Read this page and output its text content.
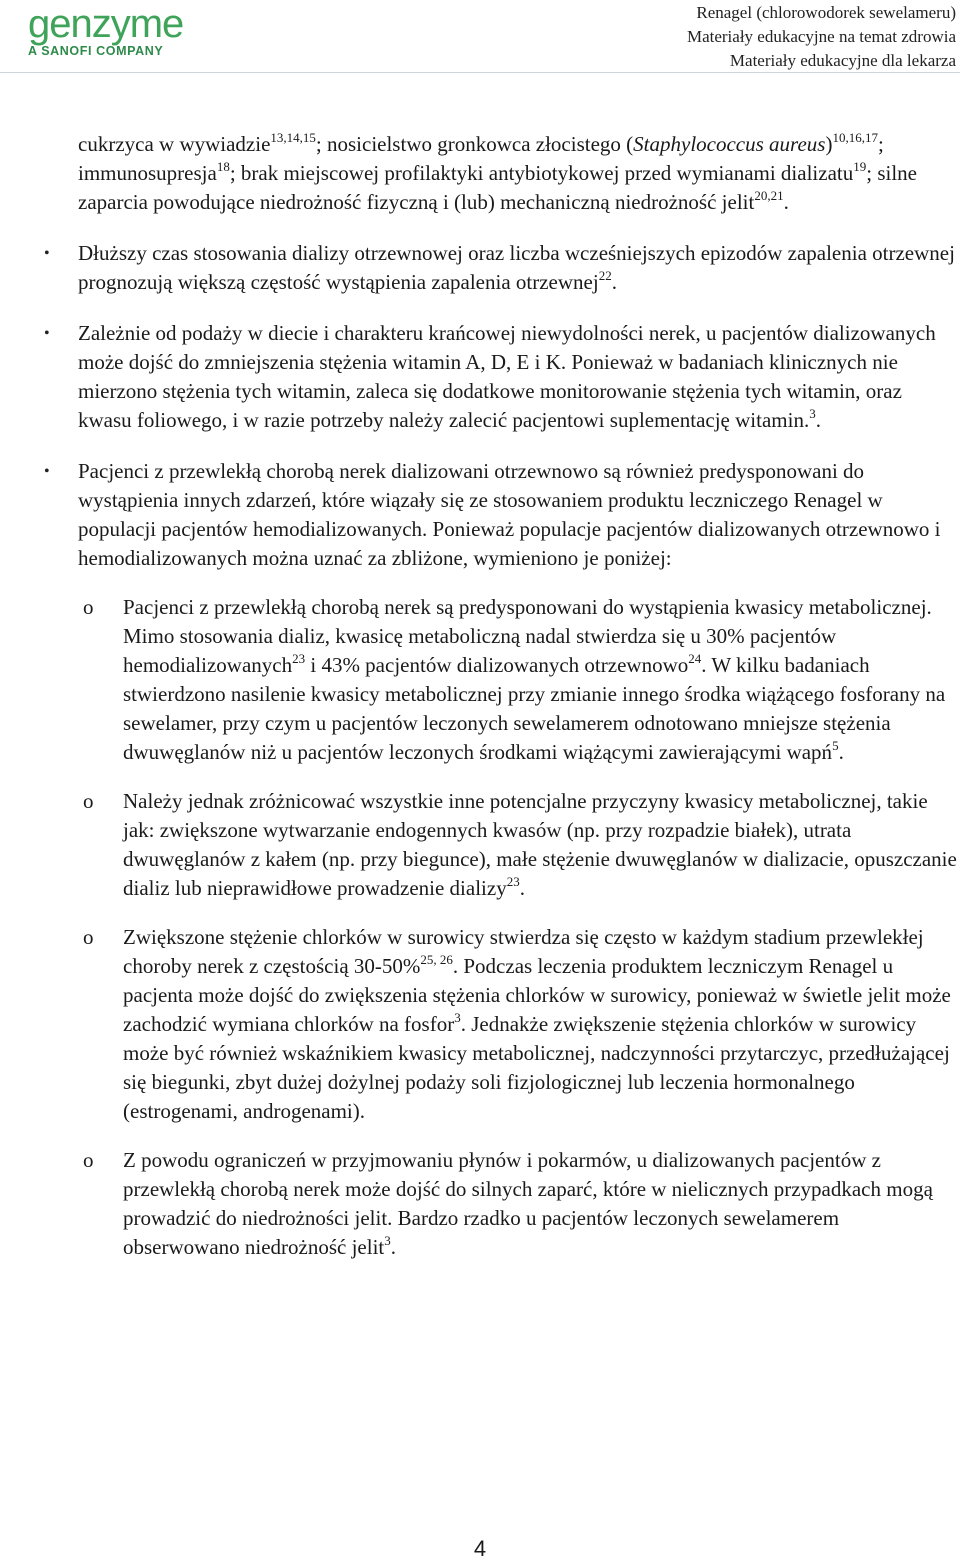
genzyme
A SANOFI COMPANY
Renagel (chlorowodorek sewelameru)
Materiały edukacyjne na temat zdrowia
Materiały edukacyjne dla lekarza

cukrzyca w wywiadzie$^{13,14,15}$; nosicielstwo gronkowca złocistego (Staphylococcus aureus)$^{10,16,17}$; immunosupresja$^{18}$; brak miejscowej profilaktyki antybiotykowej przed wymianami dializatu$^{19}$; silne zaparcia powodujące niedrożność fizyczną i (lub) mechaniczną niedrożność jelit$^{20,21}$.

• Dłuższy czas stosowania dializy otrzewnowej oraz liczba wcześniejszych epizodów zapalenia otrzewnej prognozują większą częstość wystąpienia zapalenia otrzewnej$^{22}$.

• Zależnie od podaży w diecie i charakteru krańcowej niewydolności nerek, u pacjentów dializowanych może dojść do zmniejszenia stężenia witamin A, D, E i K. Ponieważ w badaniach klinicznych nie mierzono stężenia tych witamin, zaleca się dodatkowe monitorowanie stężenia tych witamin, oraz kwasu foliowego, i w razie potrzeby należy zalecić pacjentowi suplementację witamin.$^3$.

• Pacjenci z przewlekłą chorobą nerek dializowani otrzewnowo są również predysponowani do wystąpienia innych zdarzeń, które wiązały się ze stosowaniem produktu leczniczego Renagel w populacji pacjentów hemodializowanych. Ponieważ populacje pacjentów dializowanych otrzewnowo i hemodializowanych można uznać za zbliżone, wymieniono je poniżej:

o Pacjenci z przewlekłą chorobą nerek są predysponowani do wystąpienia kwasicy metabolicznej. Mimo stosowania dializ, kwasicę metaboliczną nadal stwierdza się u 30% pacjentów hemodializowanych$^{23}$ i 43% pacjentów dializowanych otrzewnowo$^{24}$. W kilku badaniach stwierdzono nasilenie kwasicy metabolicznej przy zmianie innego środka wiążącego fosforany na sewelamer, przy czym u pacjentów leczonych sewelamerem odnotowano mniejsze stężenia dwuwęglanów niż u pacjentów leczonych środkami wiążącymi zawierającymi wapń$^5$.

o Należy jednak zróżnicować wszystkie inne potencjalne przyczyny kwasicy metabolicznej, takie jak: zwiększone wytwarzanie endogennych kwasów (np. przy rozpadzie białek), utrata dwuwęglanów z kałem (np. przy biegunce), małe stężenie dwuwęglanów w dializacie, opuszczanie dializ lub nieprawidłowe prowadzenie dializy$^{23}$.

o Zwiększone stężenie chlorków w surowicy stwierdza się często w każdym stadium przewlekłej choroby nerek z częstością 30-50%$^{25, 26}$. Podczas leczenia produktem leczniczym Renagel u pacjenta może dojść do zwiększenia stężenia chlorków w surowicy, ponieważ w świetle jelit może zachodzić wymiana chlorków na fosfor$^3$. Jednakże zwiększenie stężenia chlorków w surowicy może być również wskaźnikiem kwasicy metabolicznej, nadczynności przytarczyc, przedłużającej się biegunki, zbyt dużej dożylnej podaży soli fizjologicznej lub leczenia hormonalnego (estrogenami, androgenami).

o Z powodu ograniczeń w przyjmowaniu płynów i pokarmów, u dializowanych pacjentów z przewlekłą chorobą nerek może dojść do silnych zaparć, które w nielicznych przypadkach mogą prowadzić do niedrożności jelit. Bardzo rzadko u pacjentów leczonych sewelamerem obserwowano niedrożność jelit$^3$.

4
